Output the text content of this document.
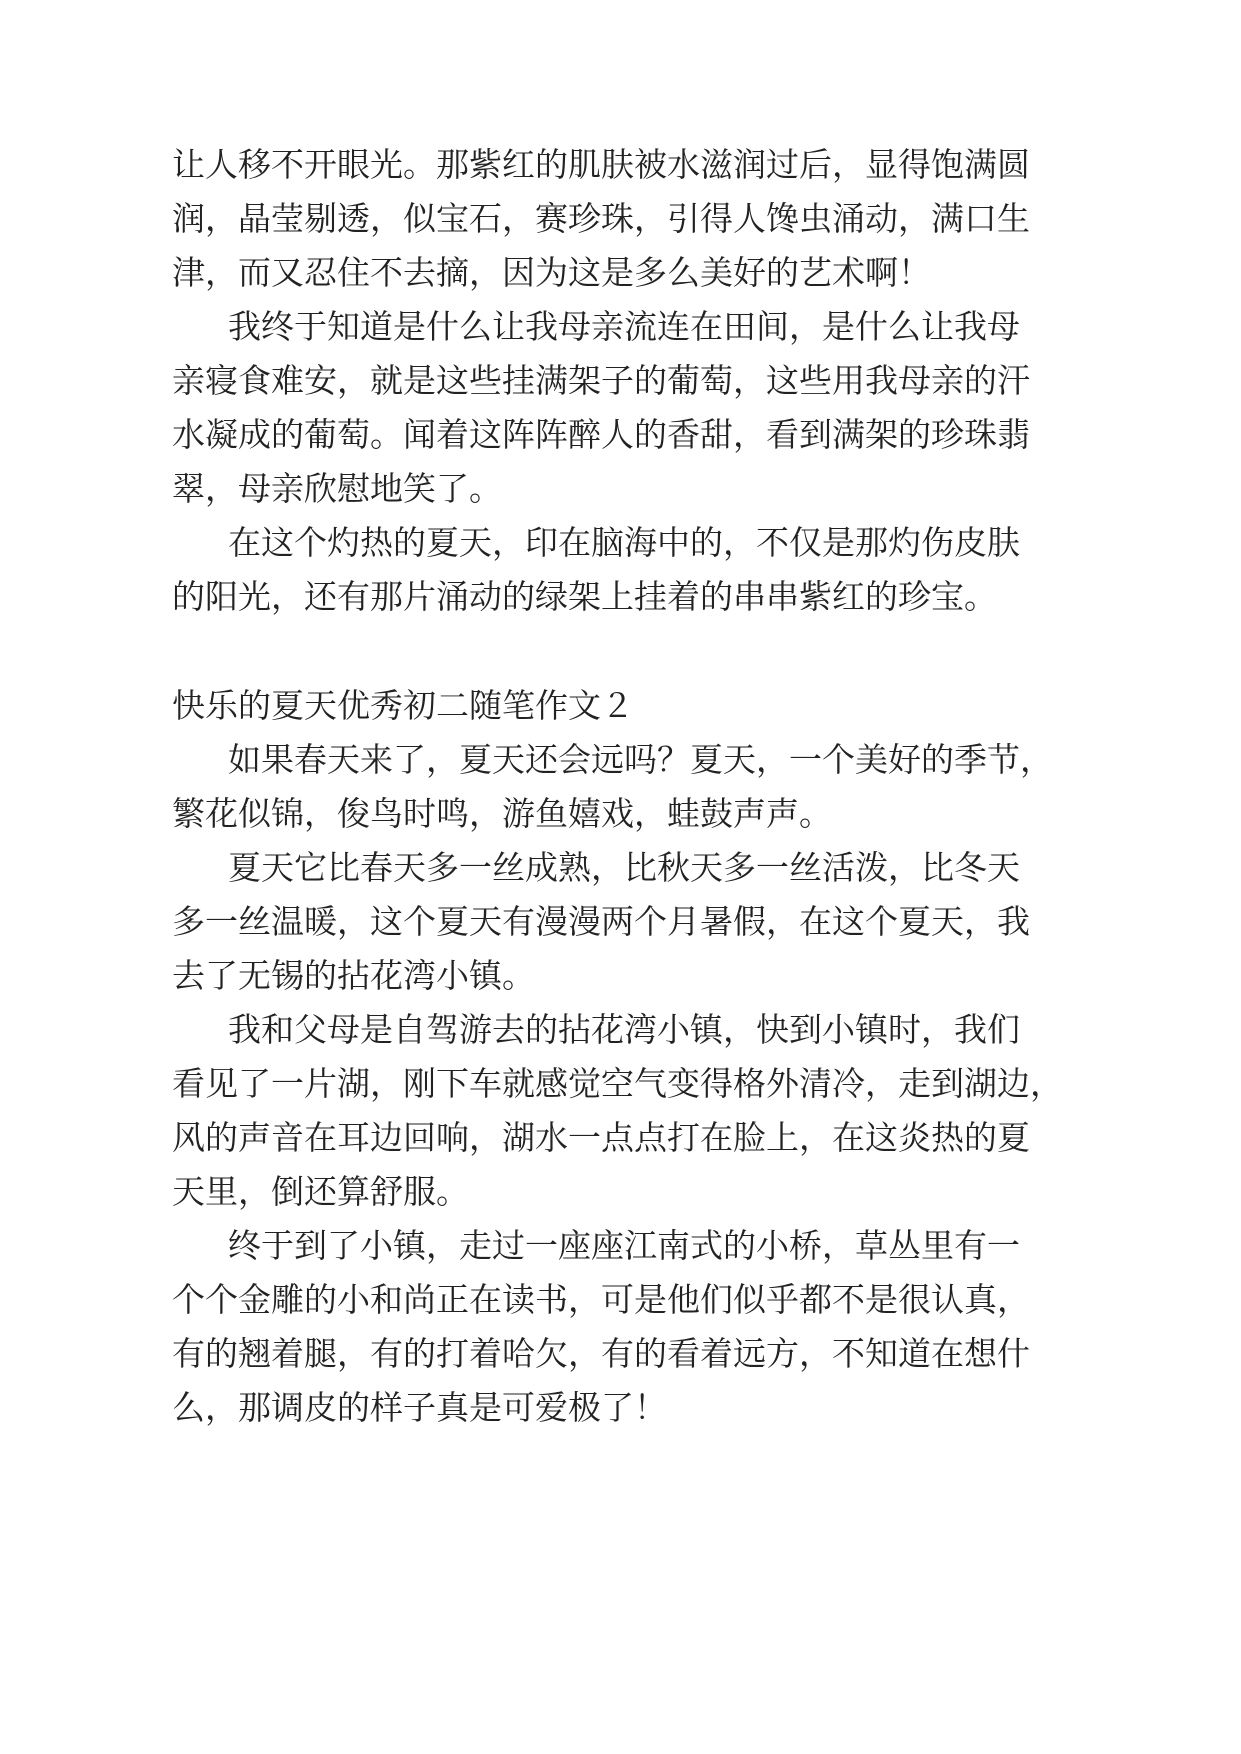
让人移不开眼光。那紫红的肌肤被水滋润过后，显得饱满圆

润，晶莹剔透，似宝石，赛珍珠，引得人馋虫涌动，满口生

津，而又忍住不去摘，因为这是多么美好的艺术啊！

我终于知道是什么让我母亲流连在田间，是什么让我母

亲寝食难安，就是这些挂满架子的葡萄，这些用我母亲的汗

水凝成的葡萄。闻着这阵阵醉人的香甜，看到满架的珍珠翡

翠，母亲欣慰地笑了。

在这个灼热的夏天，印在脑海中的，不仅是那灼伤皮肤

的阳光，还有那片涌动的绿架上挂着的串串紫红的珍宝。

快乐的夏天优秀初二随笔作文２

如果春天来了，夏天还会远吗？夏天，一个美好的季节，

繁花似锦，俊鸟时鸣，游鱼嬉戏，蛙鼓声声。

夏天它比春天多一丝成熟，比秋天多一丝活泼，比冬天

多一丝温暖，这个夏天有漫漫两个月暑假，在这个夏天，我

去了无锡的拈花湾小镇。

我和父母是自驾游去的拈花湾小镇，快到小镇时，我们

看见了一片湖，刚下车就感觉空气变得格外清冷，走到湖边，

风的声音在耳边回响，湖水一点点打在脸上，在这炎热的夏

天里，倒还算舒服。

终于到了小镇，走过一座座江南式的小桥，草丛里有一

个个金雕的小和尚正在读书，可是他们似乎都不是很认真，

有的翘着腿，有的打着哈欠，有的看着远方，不知道在想什

么，那调皮的样子真是可爱极了！
